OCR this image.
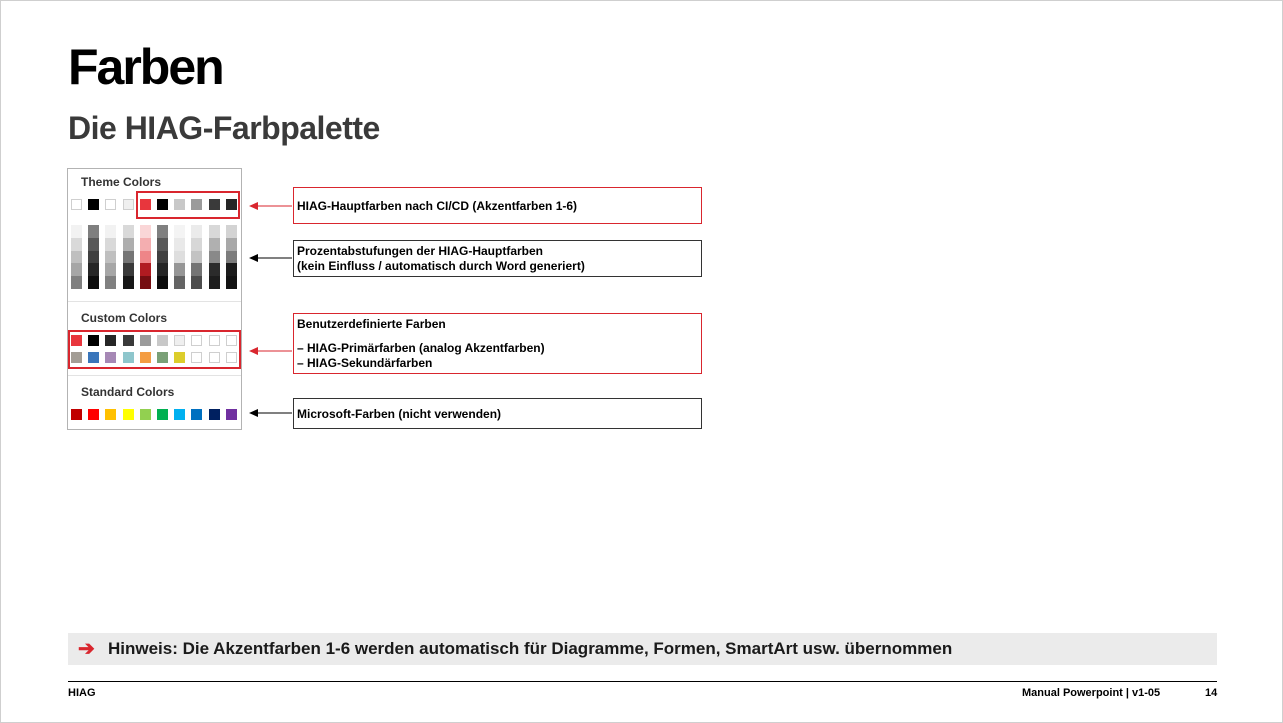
Farben
Die HIAG-Farbpalette
Theme Colors
Custom Colors
Standard Colors
HIAG-Hauptfarben nach CI/CD (Akzentfarben 1-6)
Prozentabstufungen der HIAG-Hauptfarben
(kein Einfluss / automatisch durch Word generiert)
Benutzerdefinierte Farben
– HIAG-Primärfarben (analog Akzentfarben)
– HIAG-Sekundärfarben
Microsoft-Farben (nicht verwenden)
➔ Hinweis: Die Akzentfarben 1-6 werden automatisch für Diagramme, Formen, SmartArt usw. übernommen
HIAG	Manual Powerpoint | v1-05	14
